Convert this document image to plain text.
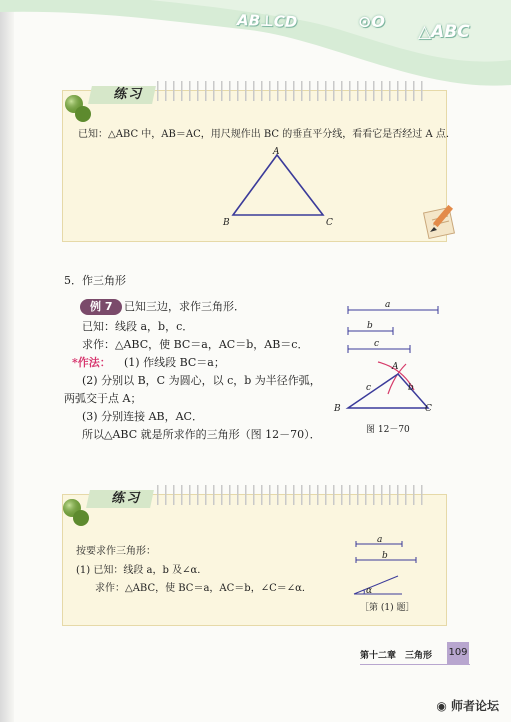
AB⊥CD	⊙O
△ABC
练习
已知：△ABC 中，AB＝AC，用尺规作出 BC 的垂直平分线，看看它是否经过 A 点．
A
B	C
5．作三角形
例 7	已知三边，求作三角形．
已知：线段 a，b，c．
求作：△ABC，使 BC＝a，AC＝b，AB＝c．
*作法： (1) 作线段 BC＝a；
(2) 分别以 B，C 为圆心，以 c，b 为半径作弧，
两弧交于点 A；
(3) 分别连接 AB，AC．
所以△ABC 就是所求作的三角形（图 12－70）．
a
b
c
A
B	C
c	b
图 12－70
练习
按要求作三角形：
(1) 已知：线段 a，b 及∠α．
求作：△ABC，使 BC＝a，AC＝b，∠C＝∠α．
a
b
α
［第 (1) 题］
第十二章　三角形 109
◉ 师者论坛
